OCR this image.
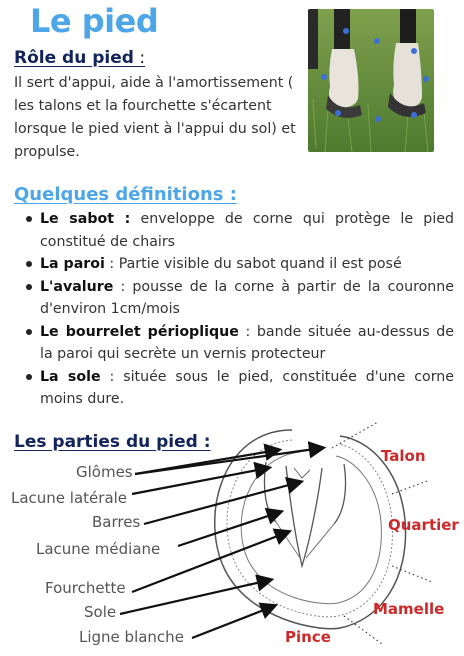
Le pied
Rôle du pied :
Il sert d'appui, aide à l'amortissement ( les talons et la fourchette s'écartent lorsque le pied vient à l'appui du sol) et propulse.
Quelques définitions :
Le sabot : enveloppe de corne qui protège le pied constitué de chairs
La paroi : Partie visible du sabot quand il est posé
L'avalure : pousse de la corne à partir de la couronne d'environ 1cm/mois
Le bourrelet périoplique : bande située au-dessus de la paroi qui secrète un vernis protecteur
La sole : située sous le pied, constituée d'une corne moins dure.
Les parties du pied :
Glômes
Lacune latérale
Barres
Lacune médiane
Fourchette
Sole
Ligne blanche
Talon
Quartier
Mamelle
Pince
